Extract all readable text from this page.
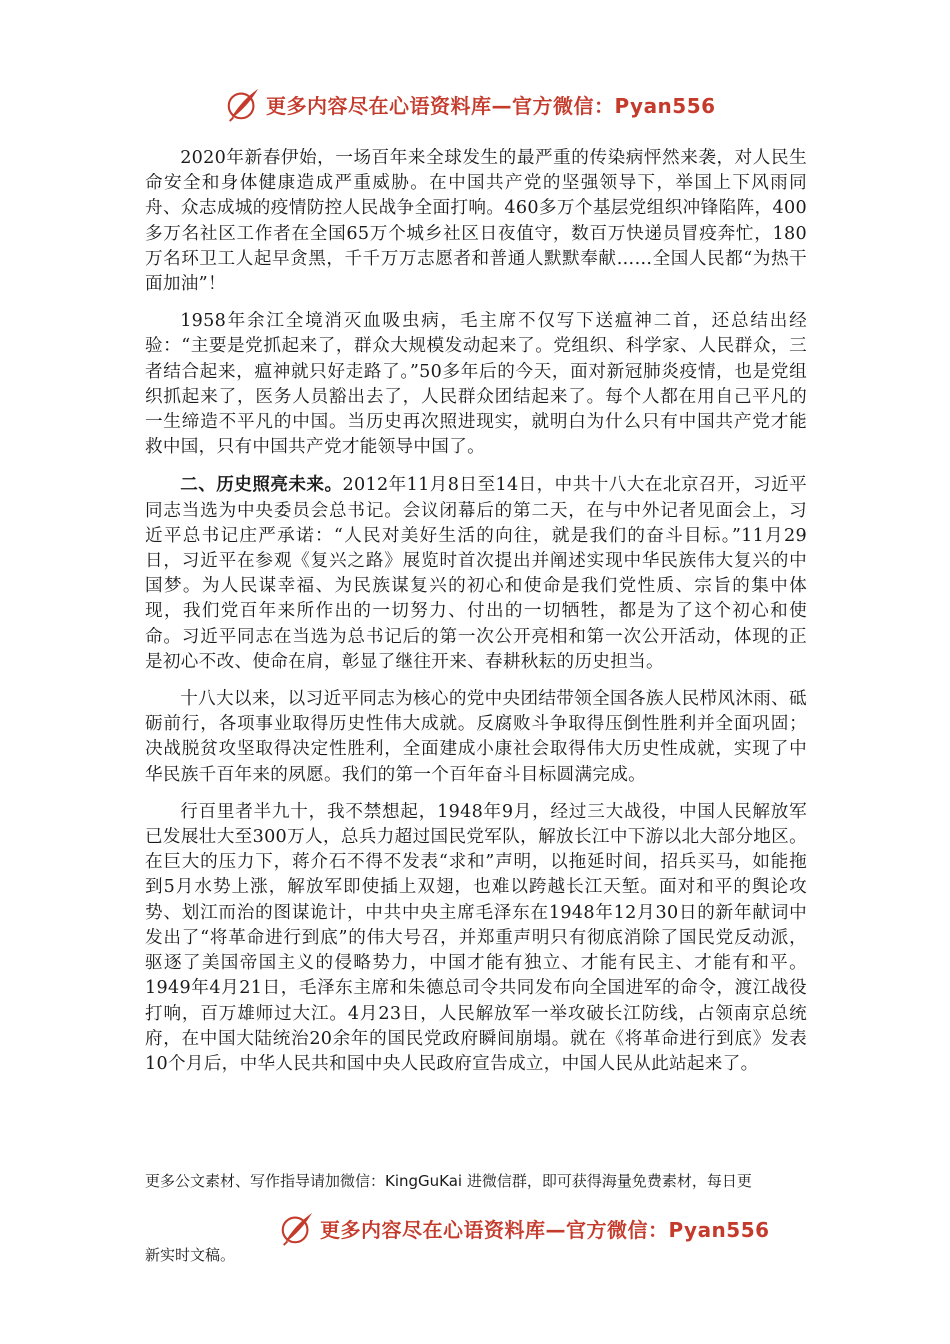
更多内容尽在心语资料库—官方微信：Pyan556

2020年新春伊始，一场百年来全球发生的最严重的传染病怦然来袭，对人民生命安全和身体健康造成严重威胁。在中国共产党的坚强领导下，举国上下风雨同舟、众志成城的疫情防控人民战争全面打响。460多万个基层党组织冲锋陷阵，400多万名社区工作者在全国65万个城乡社区日夜值守，数百万快递员冒疫奔忙，180万名环卫工人起早贪黑，千千万万志愿者和普通人默默奉献……全国人民都“为热干面加油”！

1958年余江全境消灭血吸虫病，毛主席不仅写下送瘟神二首，还总结出经验：“主要是党抓起来了，群众大规模发动起来了。党组织、科学家、人民群众，三者结合起来，瘟神就只好走路了。”50多年后的今天，面对新冠肺炎疫情，也是党组织抓起来了，医务人员豁出去了，人民群众团结起来了。每个人都在用自己平凡的一生缔造不平凡的中国。当历史再次照进现实，就明白为什么只有中国共产党才能救中国，只有中国共产党才能领导中国了。

二、历史照亮未来。2012年11月8日至14日，中共十八大在北京召开，习近平同志当选为中央委员会总书记。会议闭幕后的第二天，在与中外记者见面会上，习近平总书记庄严承诺：“人民对美好生活的向往，就是我们的奋斗目标。”11月29日，习近平在参观《复兴之路》展览时首次提出并阐述实现中华民族伟大复兴的中国梦。为人民谋幸福、为民族谋复兴的初心和使命是我们党性质、宗旨的集中体现，我们党百年来所作出的一切努力、付出的一切牺牲，都是为了这个初心和使命。习近平同志在当选为总书记后的第一次公开亮相和第一次公开活动，体现的正是初心不改、使命在肩，彰显了继往开来、春耕秋耘的历史担当。

十八大以来，以习近平同志为核心的党中央团结带领全国各族人民栉风沐雨、砥砺前行，各项事业取得历史性伟大成就。反腐败斗争取得压倒性胜利并全面巩固；决战脱贫攻坚取得决定性胜利，全面建成小康社会取得伟大历史性成就，实现了中华民族千百年来的夙愿。我们的第一个百年奋斗目标圆满完成。

行百里者半九十，我不禁想起，1948年9月，经过三大战役，中国人民解放军已发展壮大至300万人，总兵力超过国民党军队，解放长江中下游以北大部分地区。在巨大的压力下，蒋介石不得不发表“求和”声明，以拖延时间，招兵买马，如能拖到5月水势上涨，解放军即使插上双翅，也难以跨越长江天堑。面对和平的舆论攻势、划江而治的图谋诡计，中共中央主席毛泽东在1948年12月30日的新年献词中发出了“将革命进行到底”的伟大号召，并郑重声明只有彻底消除了国民党反动派，驱逐了美国帝国主义的侵略势力，中国才能有独立、才能有民主、才能有和平。1949年4月21日，毛泽东主席和朱德总司令共同发布向全国进军的命令，渡江战役打响，百万雄师过大江。4月23日，人民解放军一举攻破长江防线，占领南京总统府，在中国大陆统治20余年的国民党政府瞬间崩塌。就在《将革命进行到底》发表10个月后，中华人民共和国中央人民政府宣告成立，中国人民从此站起来了。

更多公文素材、写作指导请加微信：KingGuKai 进微信群，即可获得海量免费素材，每日更
更多内容尽在心语资料库—官方微信：Pyan556
新实时文稿。
